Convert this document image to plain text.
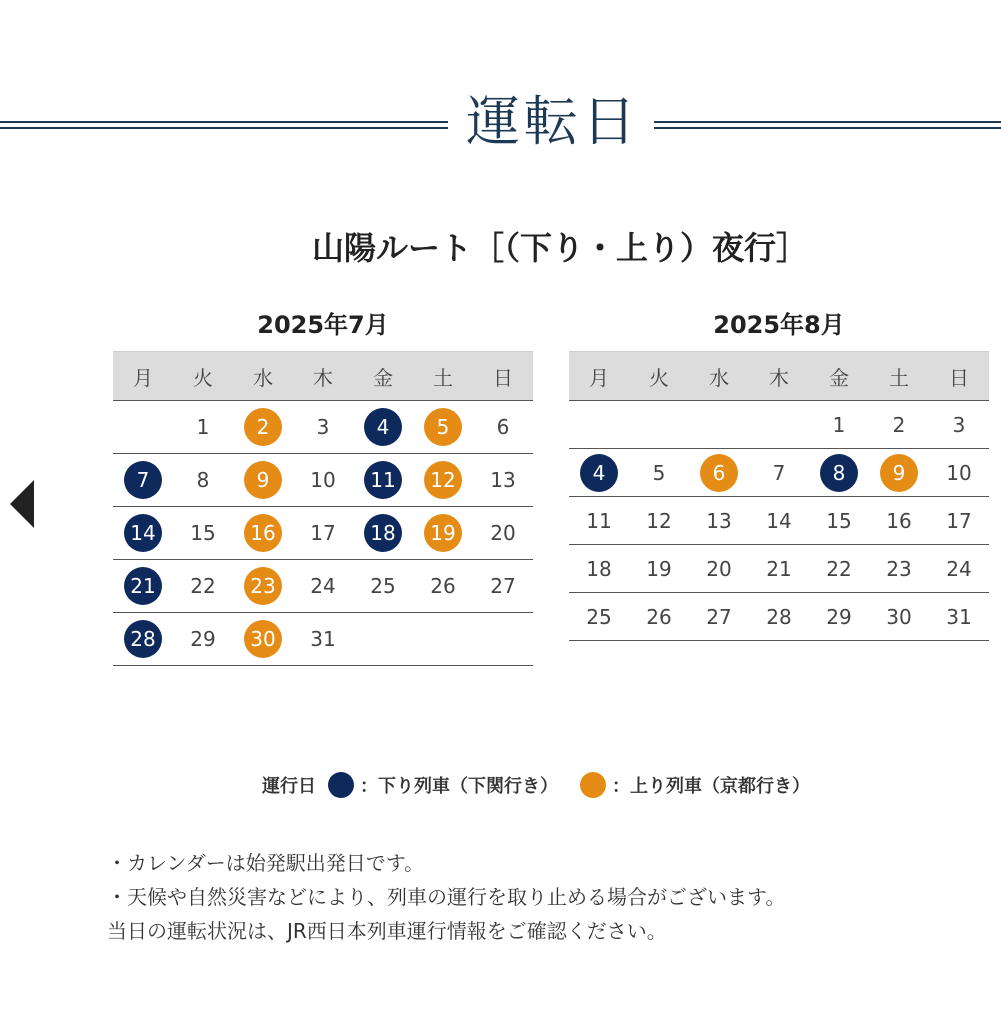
運転日
山陽ルート［（下り・上り）夜行］
2025年7月
月	火	水	木	金	土	日
	1	2	3	4	5	6
7	8	9	10	11	12	13
14	15	16	17	18	19	20
21	22	23	24	25	26	27
28	29	30	31			
2025年8月
月	火	水	木	金	土	日
				1	2	3
4	5	6	7	8	9	10
11	12	13	14	15	16	17
18	19	20	21	22	23	24
25	26	27	28	29	30	31
運行日 ：下り列車（下関行き）	：上り列車（京都行き）

・カレンダーは始発駅出発日です。

・天候や自然災害などにより、列車の運行を取り止める場合がございます。

当日の運転状況は、JR西日本列車運行情報をご確認ください。
